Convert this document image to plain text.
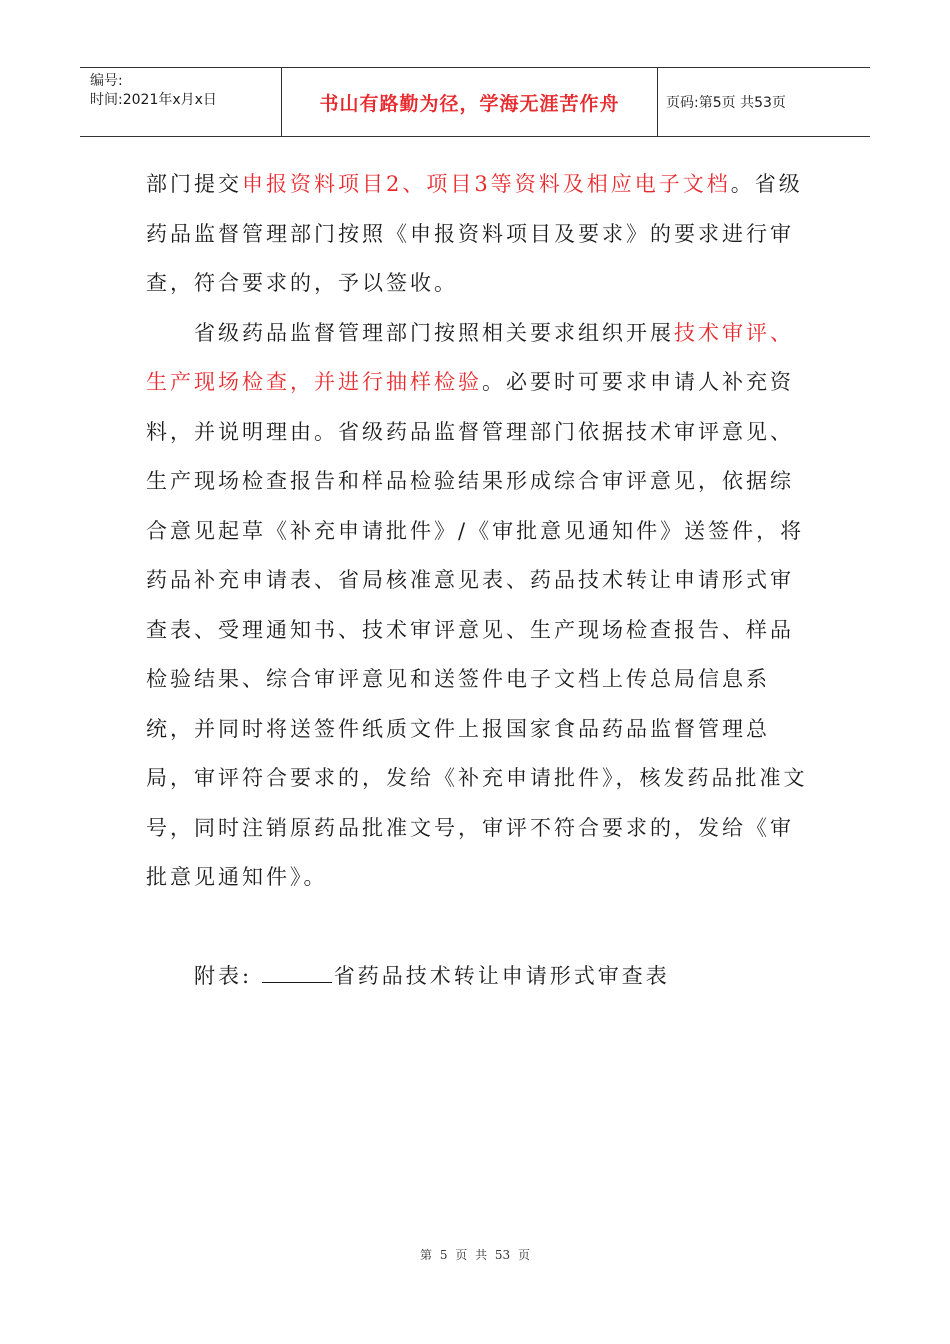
编号:
时间:2021年x月x日	书山有路勤为径，学海无涯苦作舟	页码:第5页 共53页

部门提交申报资料项目2、项目3等资料及相应电子文档。省级药品监督管理部门按照《申报资料项目及要求》的要求进行审查，符合要求的，予以签收。

省级药品监督管理部门按照相关要求组织开展技术审评、生产现场检查，并进行抽样检验。必要时可要求申请人补充资料，并说明理由。省级药品监督管理部门依据技术审评意见、生产现场检查报告和样品检验结果形成综合审评意见，依据综合意见起草《补充申请批件》/《审批意见通知件》送签件，将药品补充申请表、省局核准意见表、药品技术转让申请形式审查表、受理通知书、技术审评意见、生产现场检查报告、样品检验结果、综合审评意见和送签件电子文档上传总局信息系统，并同时将送签件纸质文件上报国家食品药品监督管理总局，审评符合要求的，发给《补充申请批件》，核发药品批准文号，同时注销原药品批准文号，审评不符合要求的，发给《审批意见通知件》。

附表:	省药品技术转让申请形式审查表

第 5 页 共 53 页
